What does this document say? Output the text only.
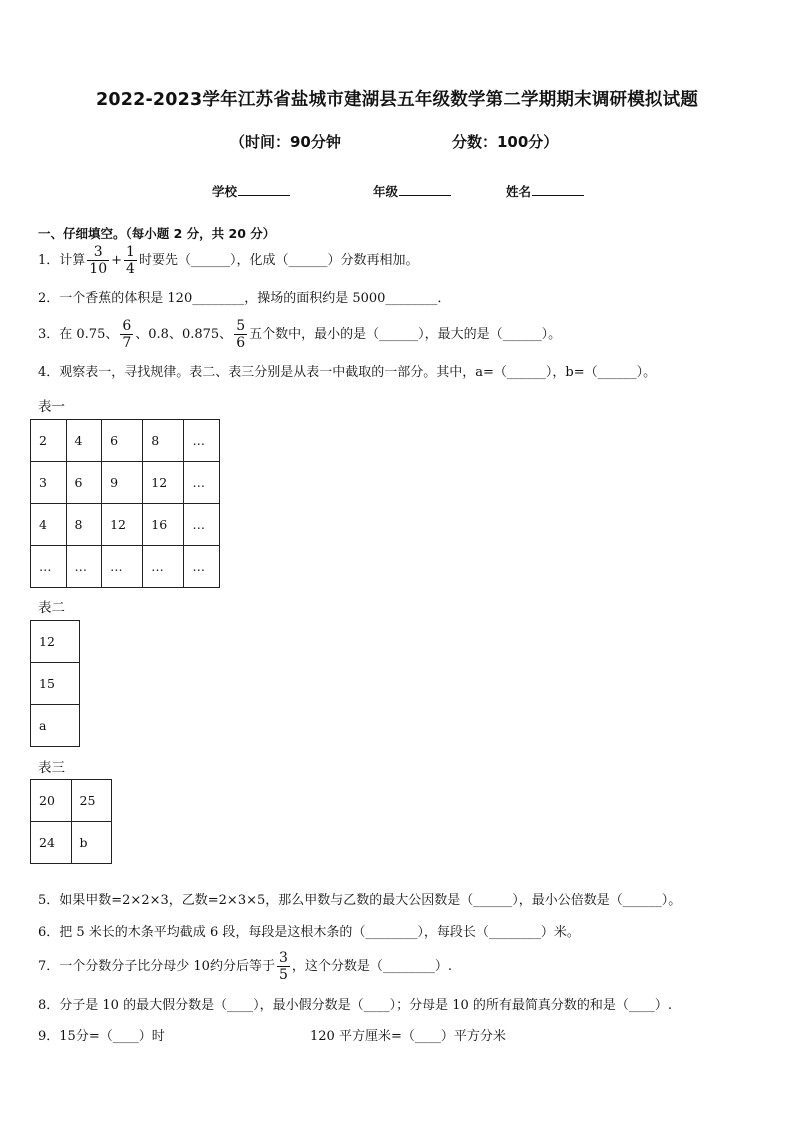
2022-2023学年江苏省盐城市建湖县五年级数学第二学期期末调研模拟试题
（时间：90分钟	分数：100分）
学校	年级	姓名
一、仔细填空。（每小题 2 分，共 20 分）
1．计算 $\frac{3}{10} + \frac{1}{4}$ 时要先（______），化成（______）分数再相加。
2．一个香蕉的体积是 120________，操场的面积约是 5000________．
3．在 0.75、 $\frac{6}{7}$ 、0.8、0.875、 $\frac{5}{6}$ 五个数中，最小的是（______），最大的是（______）。
4．观察表一，寻找规律。表二、表三分别是从表一中截取的一部分。其中，a=（______），b=（______）。
表一
2	4	6	8	…
3	6	9	12	…
4	8	12	16	…
…	…	…	…	…
表二
12
15
a
表三
20	25
24	b
5．如果甲数=2×2×3，乙数=2×3×5，那么甲数与乙数的最大公因数是（______），最小公倍数是（______）。
6．把 5 米长的木条平均截成 6 段，每段是这根木条的（________），每段长（________）米。
7．一个分数分子比分母少 10约分后等于 $\frac{3}{5}$ ，这个分数是（________）.
8．分子是 10 的最大假分数是（____），最小假分数是（____）；分母是 10 的所有最简真分数的和是（____）.
9．15分=（____）时	120 平方厘米=（____）平方分米
